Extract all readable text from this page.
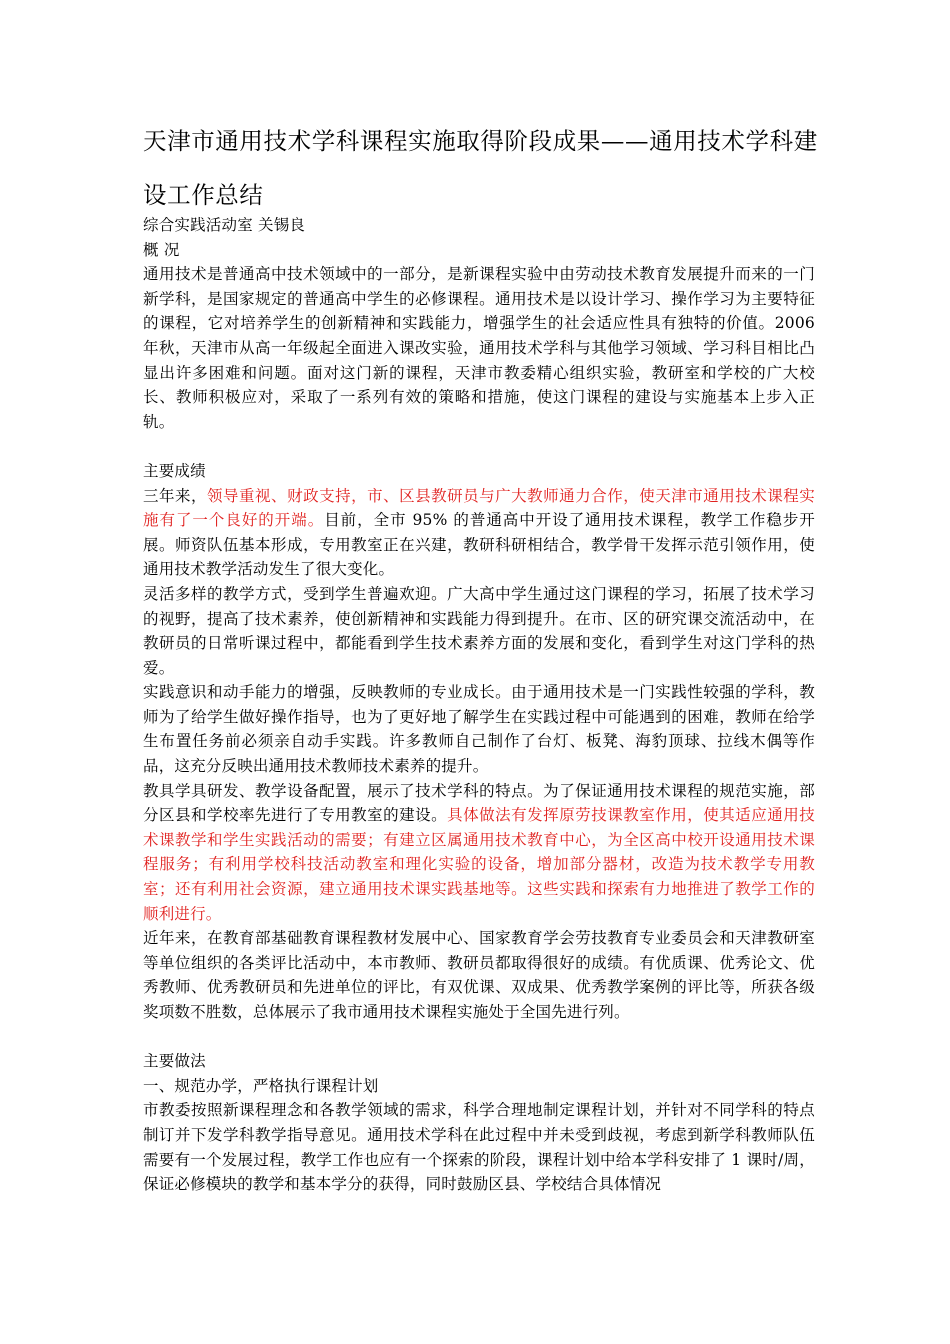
天津市通用技术学科课程实施取得阶段成果——通用技术学科建设工作总结

综合实践活动室 关锡良

概 况

通用技术是普通高中技术领域中的一部分，是新课程实验中由劳动技术教育发展提升而来的一门新学科，是国家规定的普通高中学生的必修课程。通用技术是以设计学习、操作学习为主要特征的课程，它对培养学生的创新精神和实践能力，增强学生的社会适应性具有独特的价值。2006 年秋，天津市从高一年级起全面进入课改实验，通用技术学科与其他学习领域、学习科目相比凸显出许多困难和问题。面对这门新的课程，天津市教委精心组织实验，教研室和学校的广大校长、教师积极应对，采取了一系列有效的策略和措施，使这门课程的建设与实施基本上步入正轨。

主要成绩

三年来，领导重视、财政支持，市、区县教研员与广大教师通力合作，使天津市通用技术课程实施有了一个良好的开端。目前，全市 95% 的普通高中开设了通用技术课程，教学工作稳步开展。师资队伍基本形成，专用教室正在兴建，教研科研相结合，教学骨干发挥示范引领作用，使通用技术教学活动发生了很大变化。

灵活多样的教学方式，受到学生普遍欢迎。广大高中学生通过这门课程的学习，拓展了技术学习的视野，提高了技术素养，使创新精神和实践能力得到提升。在市、区的研究课交流活动中，在教研员的日常听课过程中，都能看到学生技术素养方面的发展和变化，看到学生对这门学科的热爱。

实践意识和动手能力的增强，反映教师的专业成长。由于通用技术是一门实践性较强的学科，教师为了给学生做好操作指导，也为了更好地了解学生在实践过程中可能遇到的困难，教师在给学生布置任务前必须亲自动手实践。许多教师自己制作了台灯、板凳、海豹顶球、拉线木偶等作品，这充分反映出通用技术教师技术素养的提升。

教具学具研发、教学设备配置，展示了技术学科的特点。为了保证通用技术课程的规范实施，部分区县和学校率先进行了专用教室的建设。具体做法有发挥原劳技课教室作用，使其适应通用技术课教学和学生实践活动的需要；有建立区属通用技术教育中心，为全区高中校开设通用技术课程服务；有利用学校科技活动教室和理化实验的设备，增加部分器材，改造为技术教学专用教室；还有利用社会资源，建立通用技术课实践基地等。这些实践和探索有力地推进了教学工作的顺利进行。

近年来，在教育部基础教育课程教材发展中心、国家教育学会劳技教育专业委员会和天津教研室等单位组织的各类评比活动中，本市教师、教研员都取得很好的成绩。有优质课、优秀论文、优秀教师、优秀教研员和先进单位的评比，有双优课、双成果、优秀教学案例的评比等，所获各级奖项数不胜数，总体展示了我市通用技术课程实施处于全国先进行列。

主要做法

一、规范办学，严格执行课程计划

市教委按照新课程理念和各教学领域的需求，科学合理地制定课程计划，并针对不同学科的特点制订并下发学科教学指导意见。通用技术学科在此过程中并未受到歧视，考虑到新学科教师队伍需要有一个发展过程，教学工作也应有一个探索的阶段，课程计划中给本学科安排了 1 课时/周，保证必修模块的教学和基本学分的获得，同时鼓励区县、学校结合具体情况
